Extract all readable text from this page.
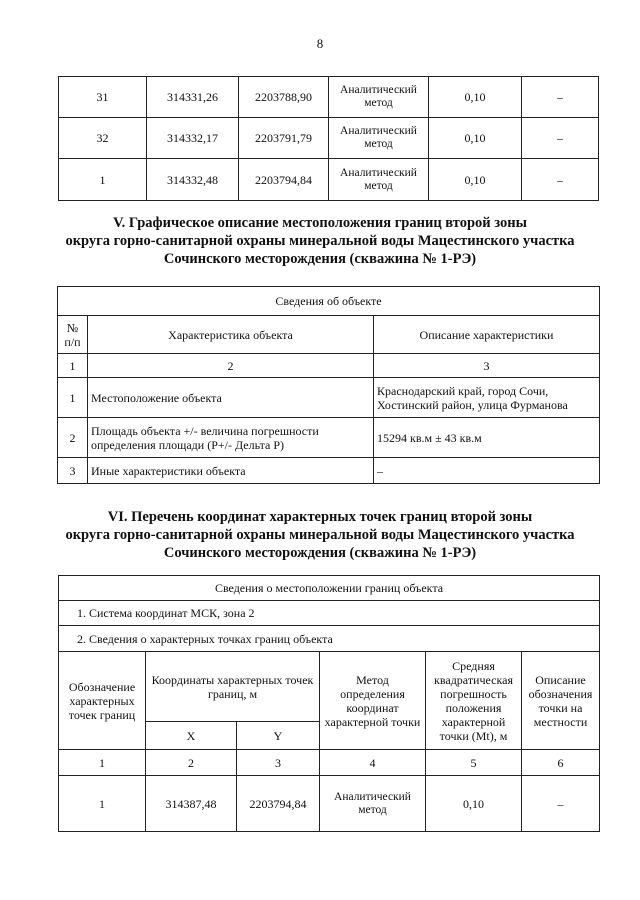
8
31	314331,26	2203788,90	Аналитический метод	0,10	–
32	314332,17	2203791,79	Аналитический метод	0,10	–
1	314332,48	2203794,84	Аналитический метод	0,10	–
V. Графическое описание местоположения границ второй зоны
округа горно-санитарной охраны минеральной воды Мацестинского участка
Сочинского месторождения (скважина № 1-РЭ)
Сведения об объекте		
№ п/п	Характеристика объекта	Описание характеристики
1	2	3
1	Местоположение объекта	Краснодарский край, город Сочи, Хостинский район, улица Фурманова
2	Площадь объекта +/- величина погрешности определения площади (Р+/- Дельта Р)	15294 кв.м ± 43 кв.м
3	Иные характеристики объекта	–
VI. Перечень координат характерных точек границ второй зоны
округа горно-санитарной охраны минеральной воды Мацестинского участка
Сочинского месторождения (скважина № 1-РЭ)
Сведения о местоположении границ объекта					
1. Система координат МСК, зона 2					
2. Сведения о характерных точках границ объекта					
Обозначение характерных точек границ	Координаты характерных точек границ, м		Метод определения координат характерной точки	Средняя квадратическая погрешность положения характерной точки (Mt), м	Описание обозначения точки на местности
	X	Y			
1	2	3	4	5	6
1	314387,48	2203794,84	Аналитический метод	0,10	–
